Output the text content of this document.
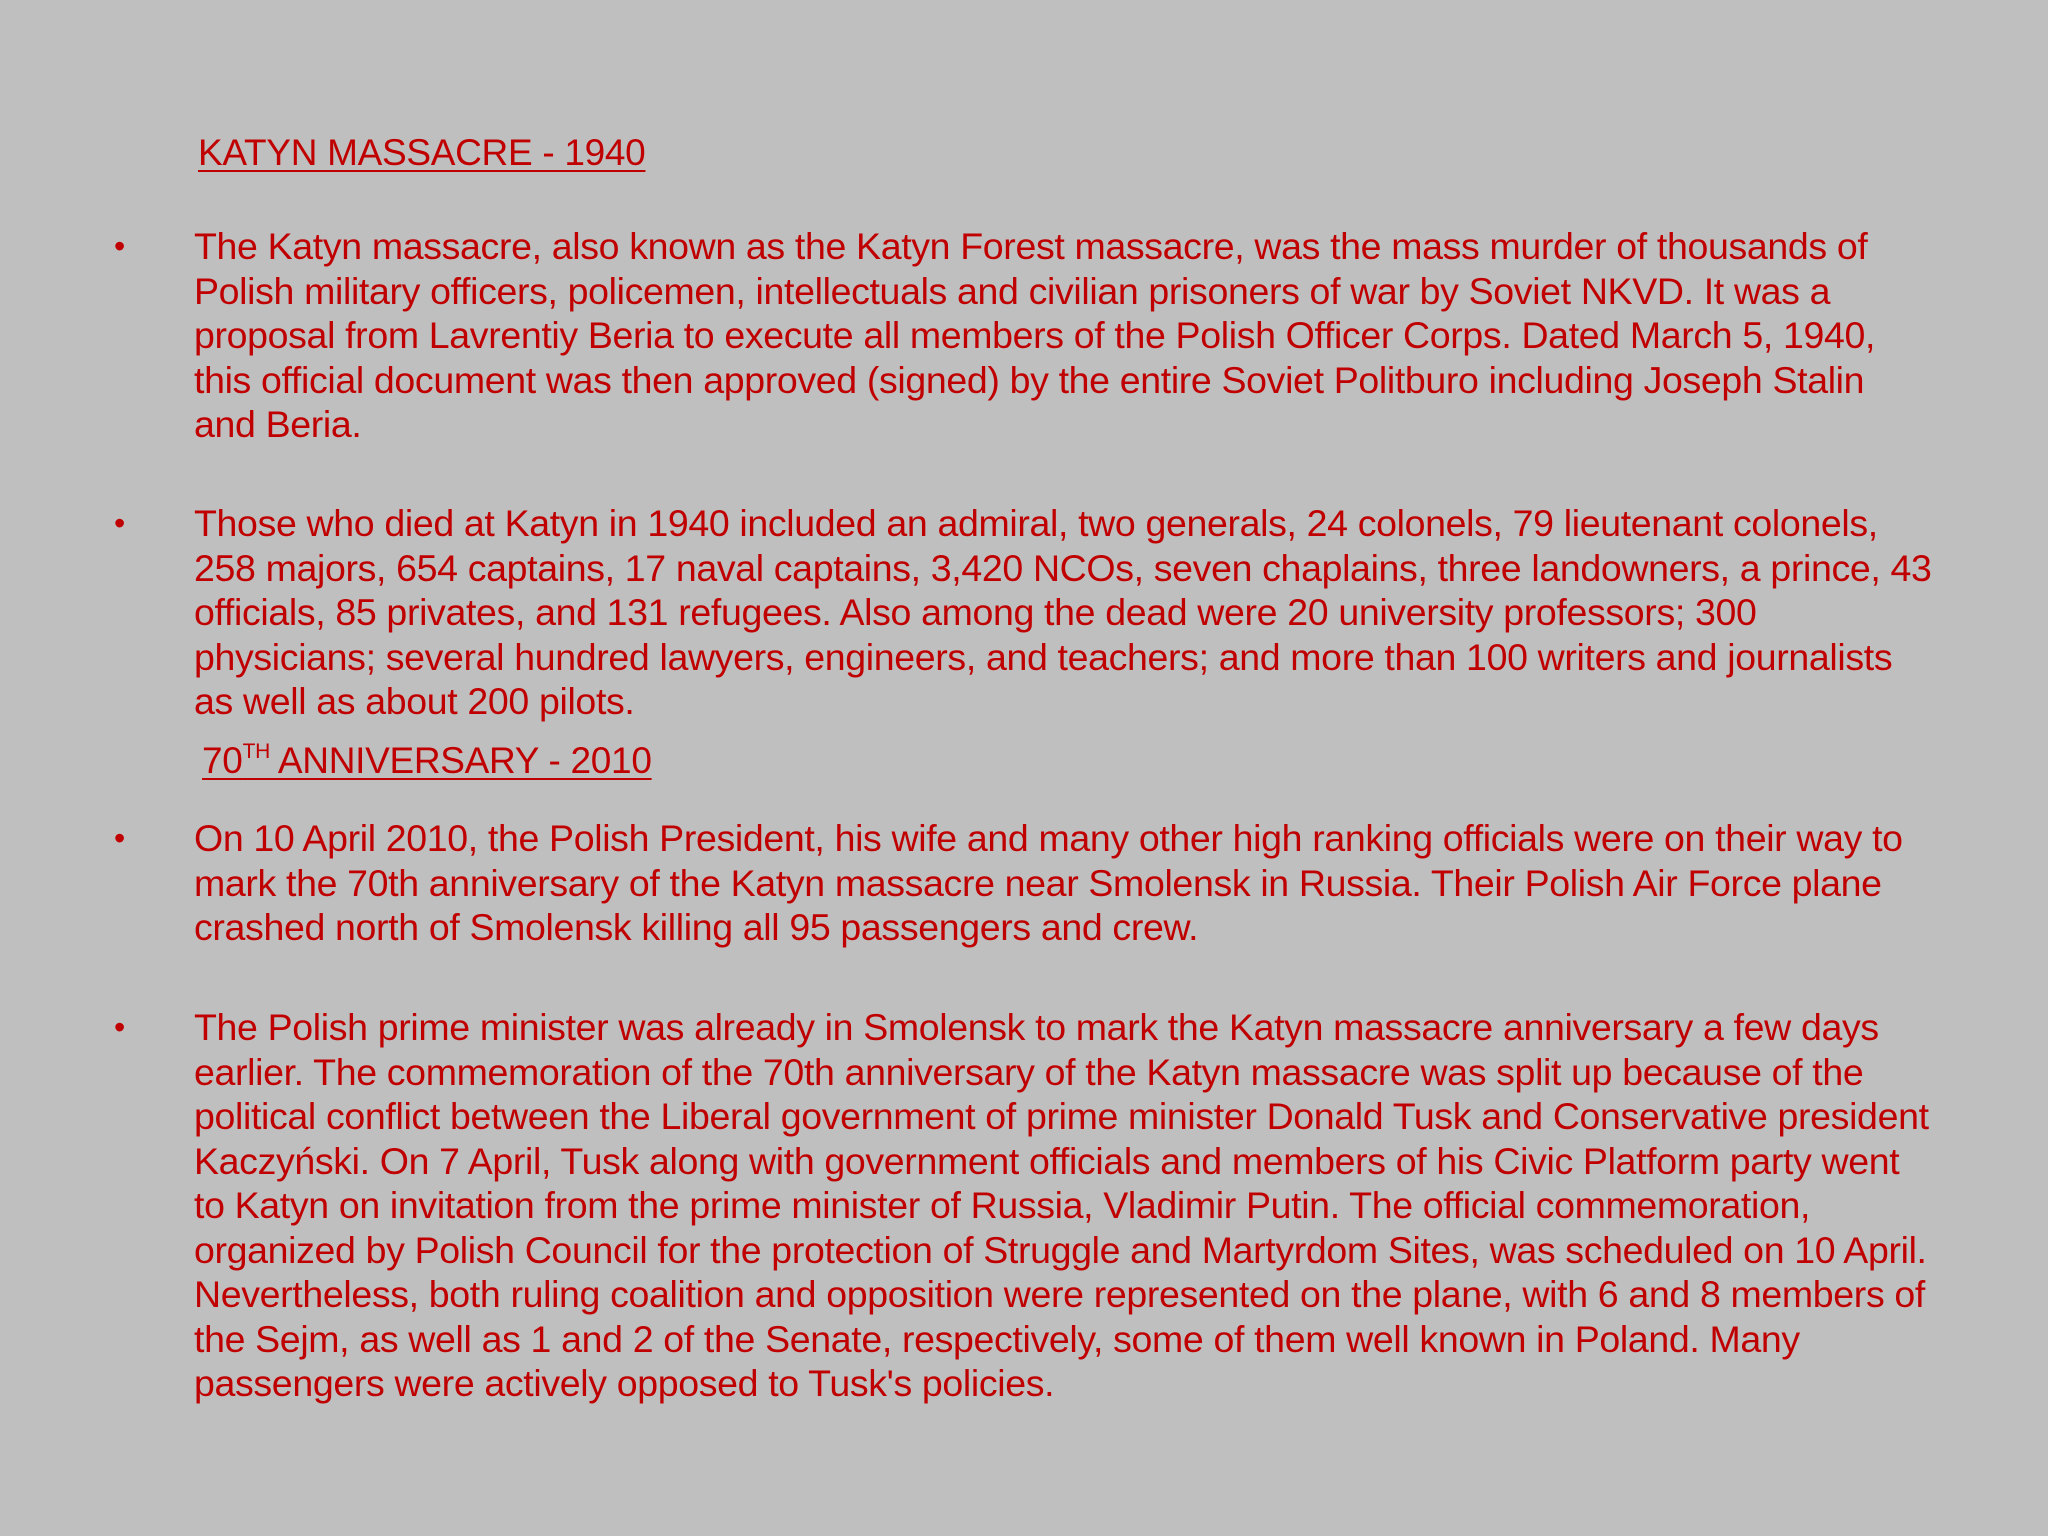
KATYN MASSACRE - 1940
•	The Katyn massacre, also known as the Katyn Forest massacre, was the mass murder of thousands of Polish military officers, policemen, intellectuals and civilian prisoners of war by Soviet NKVD. It was a proposal from Lavrentiy Beria to execute all members of the Polish Officer Corps. Dated March 5, 1940, this official document was then approved (signed) by the entire Soviet Politburo including Joseph Stalin and Beria.
•	Those who died at Katyn in 1940 included an admiral, two generals, 24 colonels, 79 lieutenant colonels, 258 majors, 654 captains, 17 naval captains, 3,420 NCOs, seven chaplains, three landowners, a prince, 43 officials, 85 privates, and 131 refugees. Also among the dead were 20 university professors; 300 physicians; several hundred lawyers, engineers, and teachers; and more than 100 writers and journalists as well as about 200 pilots.
70TH ANNIVERSARY - 2010
•	On 10 April 2010, the Polish President, his wife and many other high ranking officials were on their way to mark the 70th anniversary of the Katyn massacre near Smolensk in Russia. Their Polish Air Force plane crashed north of Smolensk killing all 95 passengers and crew.
•	The Polish prime minister was already in Smolensk to mark the Katyn massacre anniversary a few days earlier. The commemoration of the 70th anniversary of the Katyn massacre was split up because of the political conflict between the Liberal government of prime minister Donald Tusk and Conservative president Kaczyński. On 7 April, Tusk along with government officials and members of his Civic Platform party went to Katyn on invitation from the prime minister of Russia, Vladimir Putin. The official commemoration, organized by Polish Council for the protection of Struggle and Martyrdom Sites, was scheduled on 10 April. Nevertheless, both ruling coalition and opposition were represented on the plane, with 6 and 8 members of the Sejm, as well as 1 and 2 of the Senate, respectively, some of them well known in Poland. Many passengers were actively opposed to Tusk's policies.
